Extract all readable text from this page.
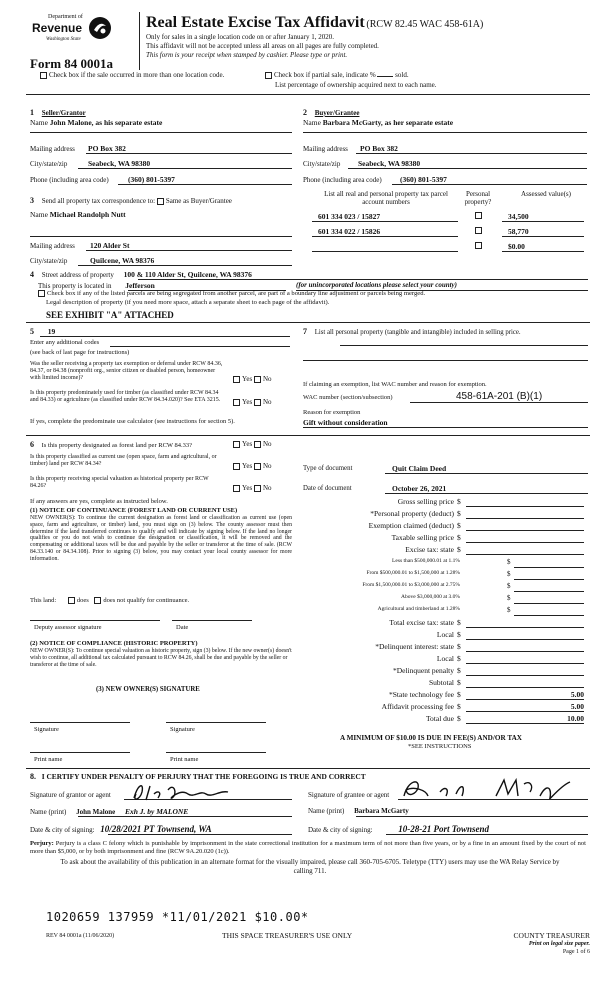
Department of
Revenue
Washington State
Form 84 0001a
Real Estate Excise Tax Affidavit (RCW 82.45 WAC 458-61A)
Only for sales in a single location code on or after January 1, 2020.
This affidavit will not be accepted unless all areas on all pages are fully completed.
This form is your receipt when stamped by cashier. Please type or print.
Check box if the sale occurred in more than one location code.	Check box if partial sale, indicate %	sold.
List percentage of ownership acquired next to each name.
1 Seller/Grantor
Name John Malone, as his separate estate
Mailing address PO Box 382
City/state/zip	Seabeck, WA 98380
Phone (including area code)	(360) 801-5397
2 Buyer/Grantee
Name Barbara McGarty, as her separate estate
Mailing address PO Box 382
City/state/zip Seabeck, WA 98380
Phone (including area code) (360) 801-5397
3 Send all property tax correspondence to: Same as Buyer/Grantee
Name Michael Randolph Nutt
Mailing address 120 Alder St
City/state/zip	Quilcene, WA 98376
List all real and personal property tax parcel account numbers
Personal property?
Assessed value(s)
601 334 023 / 15827	34,500
601 334 022 / 15826	58,770
$0.00
4 Street address of property 100 & 110 Alder St, Quilcene, WA 98376
This property is located in Jefferson	(for unincorporated locations please select your county)
Check box if any of the listed parcels are being segregated from another parcel, are part of a boundary line adjustment or parcels being merged.
Legal description of property (if you need more space, attach a separate sheet to each page of the affidavit).
SEE EXHIBIT "A" ATTACHED
5 19
Enter any additional codes
(see back of last page for instructions)
Was the seller receiving a property tax exemption or deferral under RCW 84.36, 84.37, or 84.38 (nonprofit org., senior citizen or disabled person, homeowner with limited income)?	Yes No
Is this property predominately used for timber (as classified under RCW 84.34 and 84.33) or agriculture (as classified under RCW 84.34.020)? See ETA 3215.	Yes No
If yes, complete the predominate use calculator (see instructions for section 5).
7 List all personal property (tangible and intangible) included in selling price.
If claiming an exemption, list WAC number and reason for exemption.
WAC number (section/subsection)	458-61A-201 (B)(1)
Reason for exemption
Gift without consideration
6 Is this property designated as forest land per RCW 84.33?	Yes No
Is this property classified as current use (open space, farm and agricultural, or timber) land per RCW 84.34?	Yes No
Is this property receiving special valuation as historical property per RCW 84.26?	Yes No
If any answers are yes, complete as instructed below.
(1) NOTICE OF CONTINUANCE (FOREST LAND OR CURRENT USE)
NEW OWNER(S): To continue the current designation as forest land or classification as current use (open space, farm and agriculture, or timber) land, you must sign on (3) below. The county assessor must then determine if the land transferred continues to qualify and will indicate by signing below. If the land no longer qualifies or you do not wish to continue the designation or classification, it will be removed and the compensating or additional taxes will be due and payable by the seller or transferor at the time of sale. (RCW 84.33.140 or 84.34.108). Prior to signing (3) below, you may contact your local county assessor for more information.
This land:	does does not qualify for continuance.
Deputy assessor signature	Date
(2) NOTICE OF COMPLIANCE (HISTORIC PROPERTY)
NEW OWNER(S): To continue special valuation as historic property, sign (3) below. If the new owner(s) doesn't wish to continue, all additional tax calculated pursuant to RCW 84.26, shall be due and payable by the seller or transferor at the time of sale.
(3) NEW OWNER(S) SIGNATURE
Signature	Signature
Print name	Print name
Type of document	Quit Claim Deed
Date of document	October 26, 2021
Gross selling price $
*Personal property (deduct) $
Exemption claimed (deduct) $
Taxable selling price $
Excise tax: state $
Less than $500,000.01 at 1.1%	$
From $500,000.01 to $1,500,000 at 1.28%	$
From $1,500,000.01 to $3,000,000 at 2.75%	$
Above $3,000,000 at 3.0%	$
Agricultural and timberland at 1.28%	$
Total excise tax: state $
Local $
*Delinquent interest: state $
Local $
*Delinquent penalty $
Subtotal $
*State technology fee $	5.00
Affidavit processing fee $	5.00
Total due $	10.00
A MINIMUM OF $10.00 IS DUE IN FEE(S) AND/OR TAX
*SEE INSTRUCTIONS
8. I CERTIFY UNDER PENALTY OF PERJURY THAT THE FOREGOING IS TRUE AND CORRECT
Signature of grantor or agent	Signature of grantee or agent
Name (print) John Malone Exh J. by MALONE	Name (print) Barbara McGarty
Date & city of signing: 10/28/2021 PT Townsend, WA	Date & city of signing:	10-28-21 Port Townsend
Perjury: Perjury is a class C felony which is punishable by imprisonment in the state correctional institution for a maximum term of not more than five years, or by a fine in an amount fixed by the court of not more than $5,000, or by both imprisonment and fine (RCW 9A.20.020 (1c)).
To ask about the availability of this publication in an alternate format for the visually impaired, please call 360-705-6705. Teletype (TTY) users may use the WA Relay Service by calling 711.
1020659 137959 *11/01/2021 $10.00*
REV 84 0001a (11/06/2020)	THIS SPACE TREASURER'S USE ONLY	COUNTY TREASURER
Print on legal size paper.
Page 1 of 6
